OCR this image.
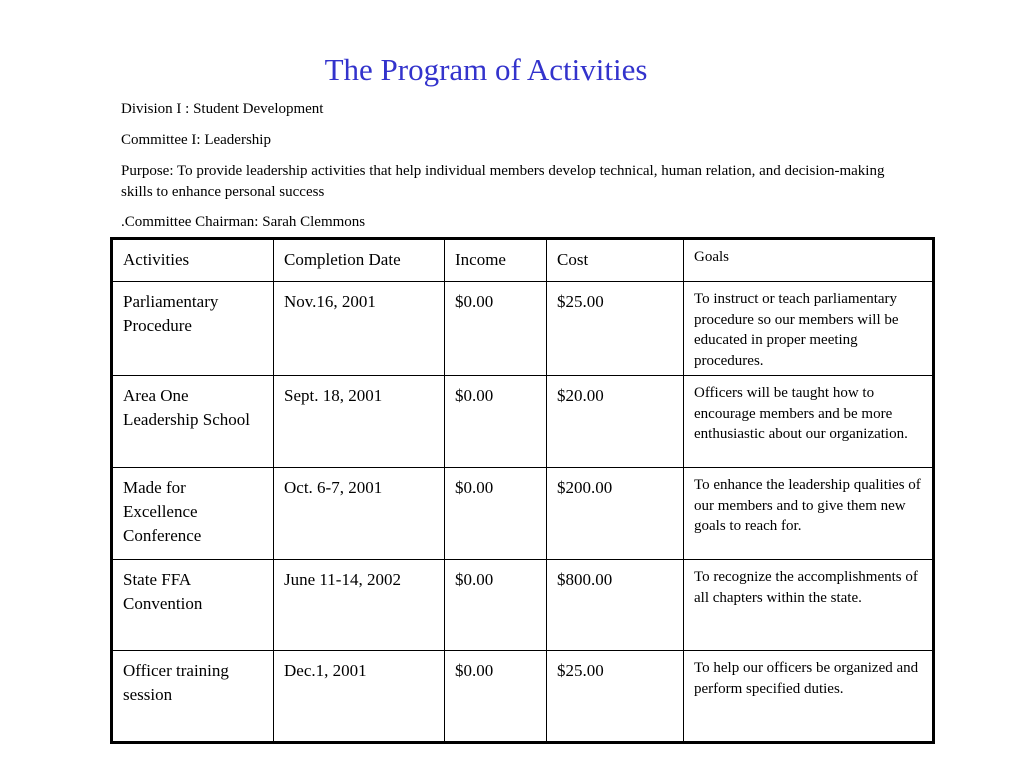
The Program of Activities
Division I : Student Development
Committee I: Leadership
Purpose: To provide leadership activities that help individual members develop technical, human relation, and decision-making skills to enhance personal success
.Committee Chairman: Sarah Clemmons
Activities	Completion Date	Income	Cost	Goals
Parliamentary Procedure	Nov.16, 2001	$0.00	$25.00	To instruct or teach parliamentary procedure so our members will be educated in proper meeting procedures.
Area One Leadership School	Sept. 18, 2001	$0.00	$20.00	Officers will be taught how to encourage members and be more enthusiastic about our organization.
Made for Excellence Conference	Oct. 6-7, 2001	$0.00	$200.00	To enhance the leadership qualities of our members and to give them new goals to reach for.
State FFA Convention	June 11-14, 2002	$0.00	$800.00	To recognize the accomplishments of all chapters within the state.
Officer training session	Dec.1, 2001	$0.00	$25.00	To help our officers be organized and perform specified duties.
